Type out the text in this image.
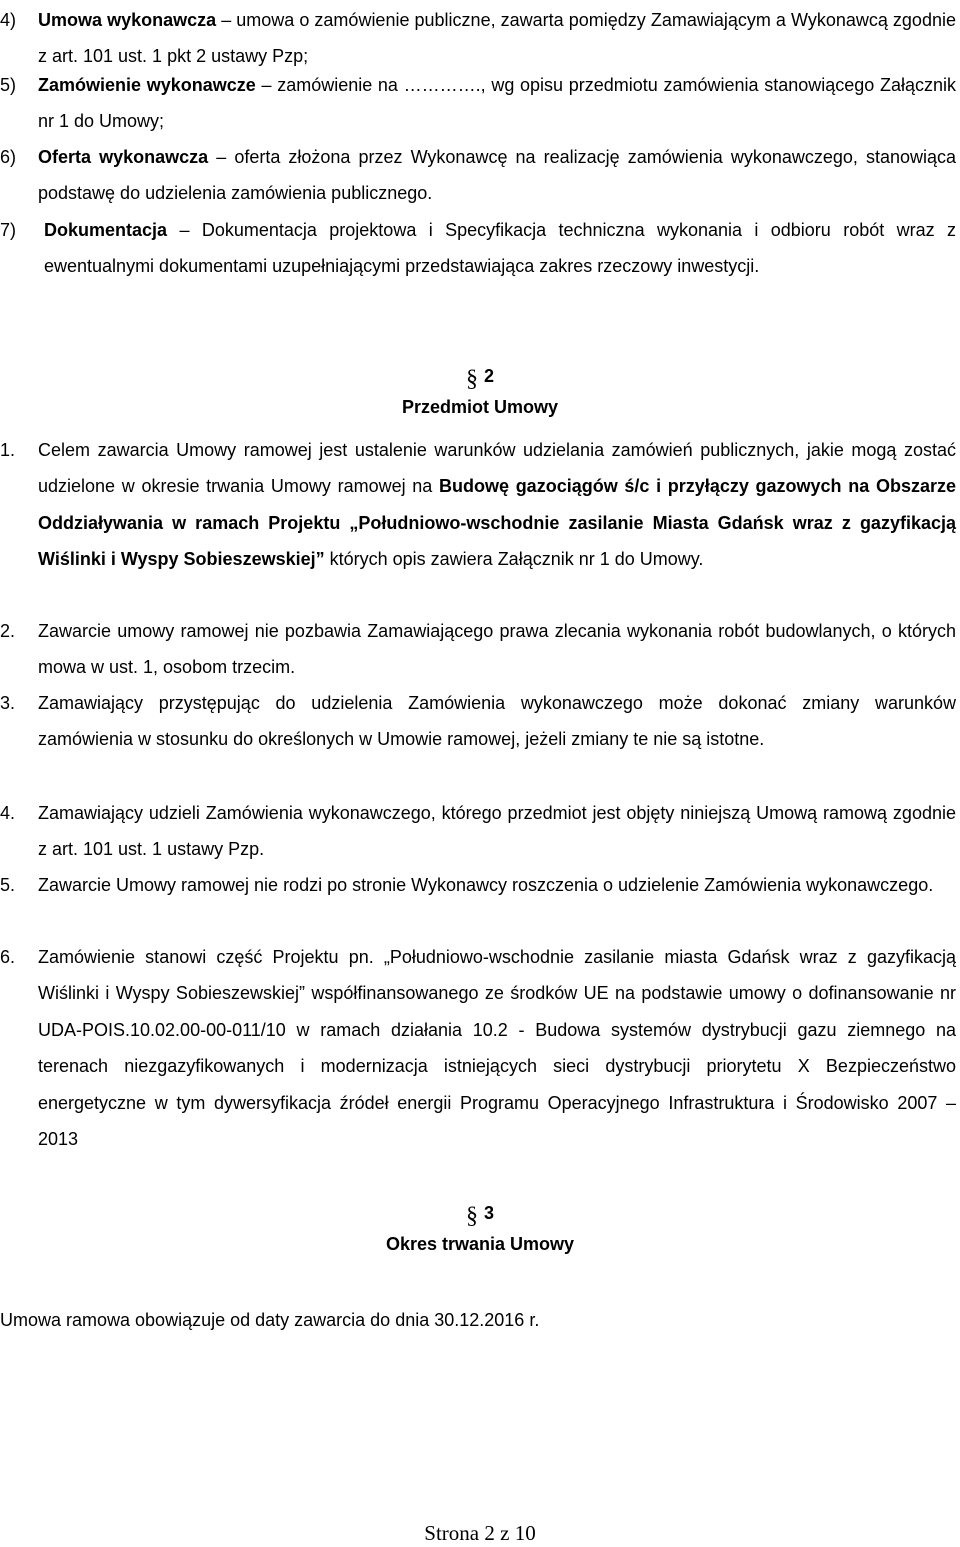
4) Umowa wykonawcza – umowa o zamówienie publiczne, zawarta pomiędzy Zamawiającym a Wykonawcą zgodnie z art. 101 ust. 1 pkt 2 ustawy Pzp;

5) Zamówienie wykonawcze – zamówienie na …………., wg opisu przedmiotu zamówienia stanowiącego Załącznik nr 1 do Umowy;

6) Oferta wykonawcza – oferta złożona przez Wykonawcę na realizację zamówienia wykonawczego, stanowiąca podstawę do udzielenia zamówienia publicznego.

7) Dokumentacja – Dokumentacja projektowa i Specyfikacja techniczna wykonania i odbioru robót wraz z ewentualnymi dokumentami uzupełniającymi przedstawiająca zakres rzeczowy inwestycji.

§ 2
Przedmiot Umowy
1. Celem zawarcia Umowy ramowej jest ustalenie warunków udzielania zamówień publicznych, jakie mogą zostać udzielone w okresie trwania Umowy ramowej na Budowę gazociągów ś/c i przyłączy gazowych na Obszarze Oddziaływania w ramach Projektu „Południowo-wschodnie zasilanie Miasta Gdańsk wraz z gazyfikacją Wiślinki i Wyspy Sobieszewskiej” których opis zawiera Załącznik nr 1 do Umowy.

2. Zawarcie umowy ramowej nie pozbawia Zamawiającego prawa zlecania wykonania robót budowlanych, o których mowa w ust. 1, osobom trzecim.

3. Zamawiający przystępując do udzielenia Zamówienia wykonawczego może dokonać zmiany warunków zamówienia w stosunku do określonych w Umowie ramowej, jeżeli zmiany te nie są istotne.

4. Zamawiający udzieli Zamówienia wykonawczego, którego przedmiot jest objęty niniejszą Umową ramową zgodnie z art. 101 ust. 1 ustawy Pzp.

5. Zawarcie Umowy ramowej nie rodzi po stronie Wykonawcy roszczenia o udzielenie Zamówienia wykonawczego.

6. Zamówienie stanowi część Projektu pn. „Południowo-wschodnie zasilanie miasta Gdańsk wraz z gazyfikacją Wiślinki i Wyspy Sobieszewskiej” współfinansowanego ze środków UE na podstawie umowy o dofinansowanie nr UDA-POIS.10.02.00-00-011/10 w ramach działania 10.2 - Budowa systemów dystrybucji gazu ziemnego na terenach niezgazyfikowanych i modernizacja istniejących sieci dystrybucji priorytetu X Bezpieczeństwo energetyczne w tym dywersyfikacja źródeł energii Programu Operacyjnego Infrastruktura i Środowisko 2007 – 2013

§ 3
Okres trwania Umowy

Umowa ramowa obowiązuje od daty zawarcia do dnia 30.12.2016 r.

Strona 2 z 10
